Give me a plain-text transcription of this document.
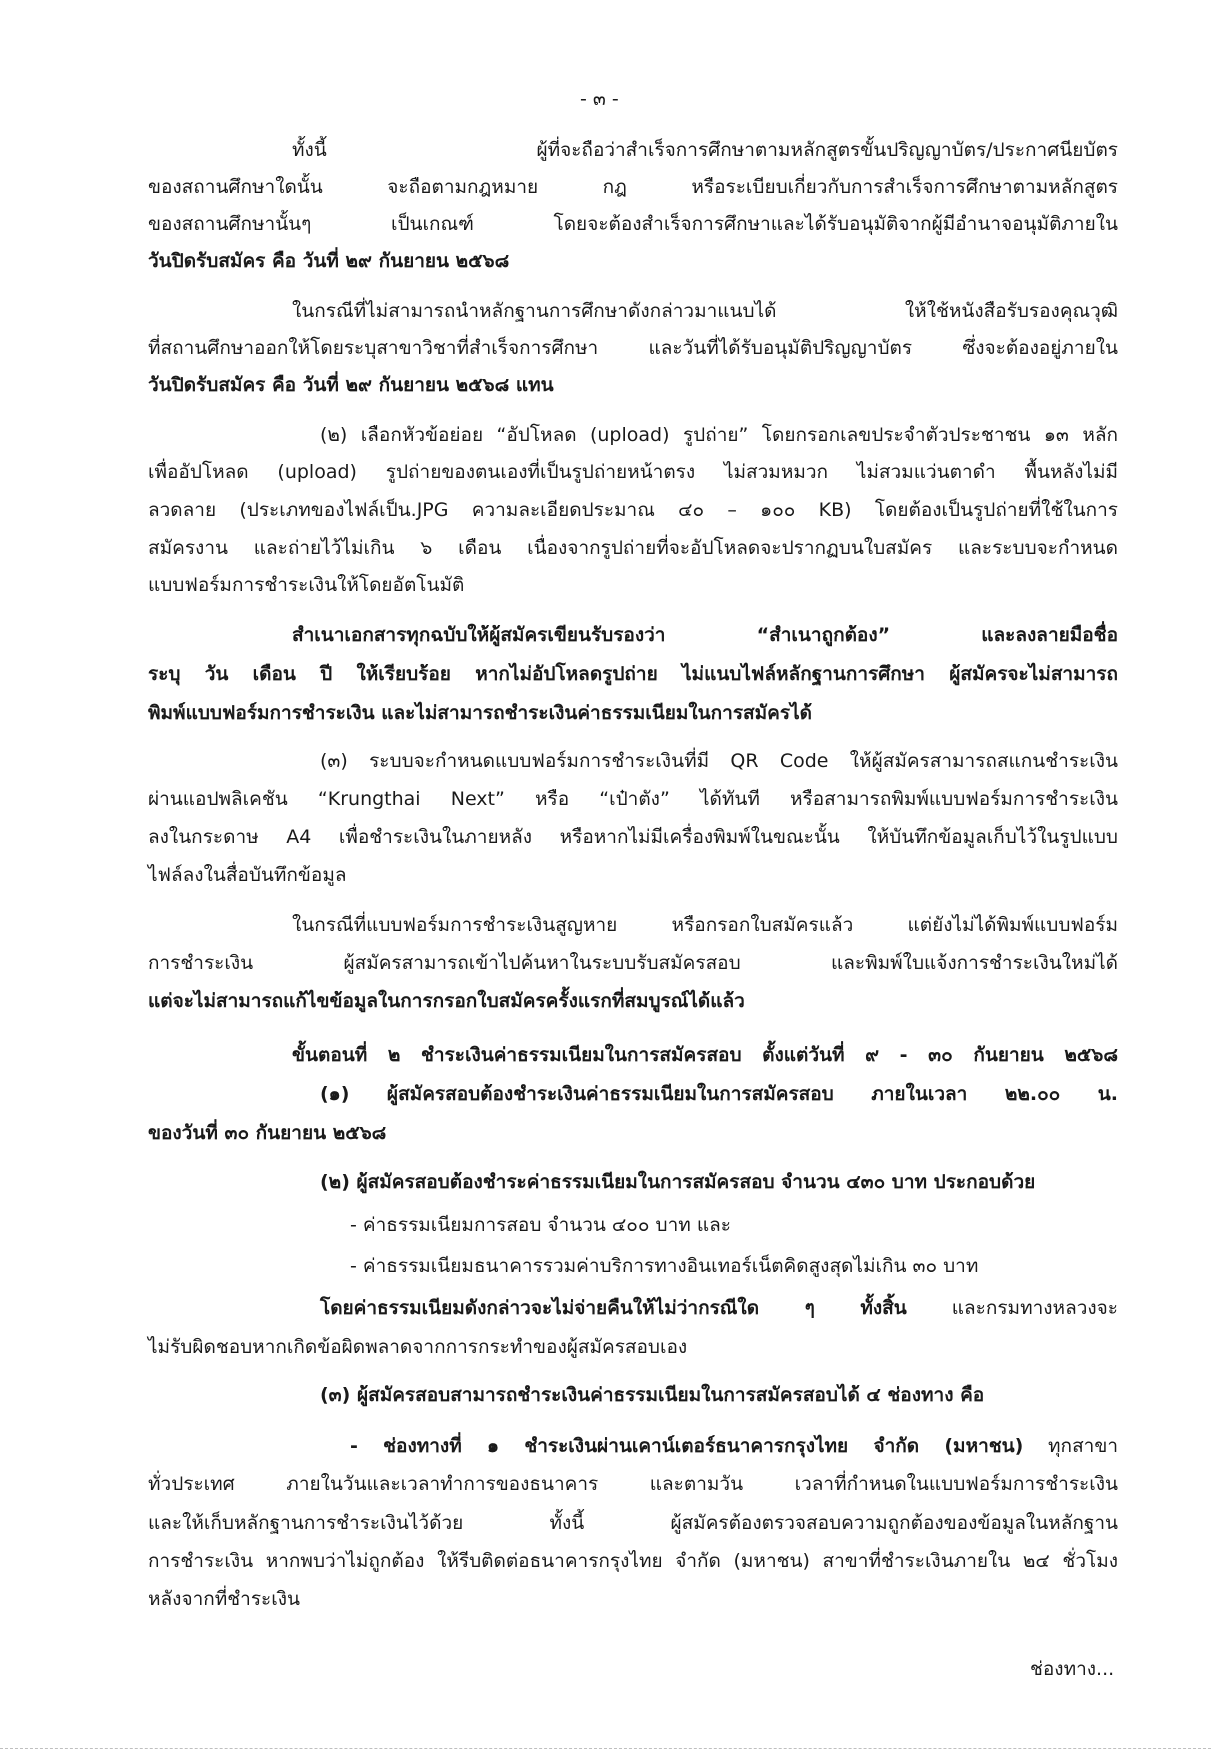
- ๓ -
ทั้งนี้ ผู้ที่จะถือว่าสำเร็จการศึกษาตามหลักสูตรขั้นปริญญาบัตร/ประกาศนียบัตร
ของสถานศึกษาใดนั้น จะถือตามกฎหมาย กฎ หรือระเบียบเกี่ยวกับการสำเร็จการศึกษาตามหลักสูตร
ของสถานศึกษานั้นๆ เป็นเกณฑ์ โดยจะต้องสำเร็จการศึกษาและได้รับอนุมัติจากผู้มีอำนาจอนุมัติภายใน
วันปิดรับสมัคร คือ วันที่ ๒๙ กันยายน ๒๕๖๘
ในกรณีที่ไม่สามารถนำหลักฐานการศึกษาดังกล่าวมาแนบได้ ให้ใช้หนังสือรับรองคุณวุฒิ
ที่สถานศึกษาออกให้โดยระบุสาขาวิชาที่สำเร็จการศึกษา และวันที่ได้รับอนุมัติปริญญาบัตร ซึ่งจะต้องอยู่ภายใน
วันปิดรับสมัคร คือ วันที่ ๒๙ กันยายน ๒๕๖๘ แทน
(๒) เลือกหัวข้อย่อย “อัปโหลด (upload) รูปถ่าย” โดยกรอกเลขประจำตัวประชาชน ๑๓ หลัก
เพื่ออัปโหลด (upload) รูปถ่ายของตนเองที่เป็นรูปถ่ายหน้าตรง ไม่สวมหมวก ไม่สวมแว่นตาดำ พื้นหลังไม่มี
ลวดลาย (ประเภทของไฟล์เป็น.JPG ความละเอียดประมาณ ๔๐ – ๑๐๐ KB) โดยต้องเป็นรูปถ่ายที่ใช้ในการ
สมัครงาน และถ่ายไว้ไม่เกิน ๖ เดือน เนื่องจากรูปถ่ายที่จะอัปโหลดจะปรากฏบนใบสมัคร และระบบจะกำหนด
แบบฟอร์มการชำระเงินให้โดยอัตโนมัติ
สำเนาเอกสารทุกฉบับให้ผู้สมัครเขียนรับรองว่า “สำเนาถูกต้อง” และลงลายมือชื่อ
ระบุ วัน เดือน ปี ให้เรียบร้อย หากไม่อัปโหลดรูปถ่าย ไม่แนบไฟล์หลักฐานการศึกษา ผู้สมัครจะไม่สามารถ
พิมพ์แบบฟอร์มการชำระเงิน และไม่สามารถชำระเงินค่าธรรมเนียมในการสมัครได้
(๓) ระบบจะกำหนดแบบฟอร์มการชำระเงินที่มี QR Code ให้ผู้สมัครสามารถสแกนชำระเงิน
ผ่านแอปพลิเคชัน “Krungthai Next” หรือ “เป๋าตัง” ได้ทันที หรือสามารถพิมพ์แบบฟอร์มการชำระเงิน
ลงในกระดาษ A4 เพื่อชำระเงินในภายหลัง หรือหากไม่มีเครื่องพิมพ์ในขณะนั้น ให้บันทึกข้อมูลเก็บไว้ในรูปแบบ
ไฟล์ลงในสื่อบันทึกข้อมูล
ในกรณีที่แบบฟอร์มการชำระเงินสูญหาย หรือกรอกใบสมัครแล้ว แต่ยังไม่ได้พิมพ์แบบฟอร์ม
การชำระเงิน ผู้สมัครสามารถเข้าไปค้นหาในระบบรับสมัครสอบ และพิมพ์ใบแจ้งการชำระเงินใหม่ได้
แต่จะไม่สามารถแก้ไขข้อมูลในการกรอกใบสมัครครั้งแรกที่สมบูรณ์ได้แล้ว
ขั้นตอนที่ ๒ ชำระเงินค่าธรรมเนียมในการสมัครสอบ ตั้งแต่วันที่ ๙ - ๓๐ กันยายน ๒๕๖๘
(๑) ผู้สมัครสอบต้องชำระเงินค่าธรรมเนียมในการสมัครสอบ ภายในเวลา ๒๒.๐๐ น.
ของวันที่ ๓๐ กันยายน ๒๕๖๘
(๒) ผู้สมัครสอบต้องชำระค่าธรรมเนียมในการสมัครสอบ จำนวน ๔๓๐ บาท ประกอบด้วย
- ค่าธรรมเนียมการสอบ จำนวน ๔๐๐ บาท และ
- ค่าธรรมเนียมธนาคารรวมค่าบริการทางอินเทอร์เน็ตคิดสูงสุดไม่เกิน ๓๐ บาท
โดยค่าธรรมเนียมดังกล่าวจะไม่จ่ายคืนให้ไม่ว่ากรณีใด ๆ ทั้งสิ้น และกรมทางหลวงจะ
ไม่รับผิดชอบหากเกิดข้อผิดพลาดจากการกระทำของผู้สมัครสอบเอง
(๓) ผู้สมัครสอบสามารถชำระเงินค่าธรรมเนียมในการสมัครสอบได้ ๔ ช่องทาง คือ
- ช่องทางที่ ๑ ชำระเงินผ่านเคาน์เตอร์ธนาคารกรุงไทย จำกัด (มหาชน) ทุกสาขา
ทั่วประเทศ ภายในวันและเวลาทำการของธนาคาร และตามวัน เวลาที่กำหนดในแบบฟอร์มการชำระเงิน
และให้เก็บหลักฐานการชำระเงินไว้ด้วย ทั้งนี้ ผู้สมัครต้องตรวจสอบความถูกต้องของข้อมูลในหลักฐาน
การชำระเงิน หากพบว่าไม่ถูกต้อง ให้รีบติดต่อธนาคารกรุงไทย จำกัด (มหาชน) สาขาที่ชำระเงินภายใน ๒๔ ชั่วโมง
หลังจากที่ชำระเงิน
ช่องทาง...
